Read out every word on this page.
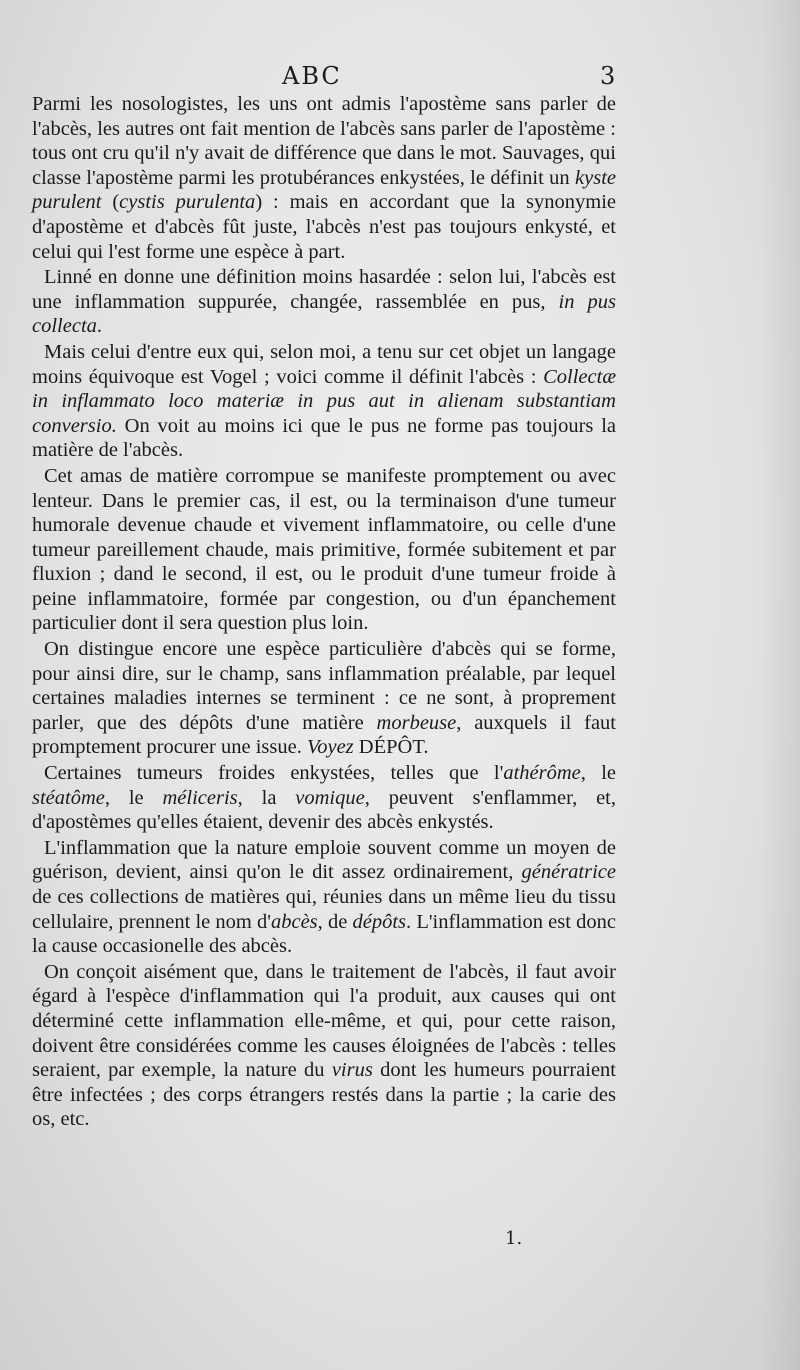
ABC	3

Parmi les nosologistes, les uns ont admis l'apostème sans parler de l'abcès, les autres ont fait mention de l'abcès sans parler de l'apostème : tous ont cru qu'il n'y avait de différence que dans le mot. Sauvages, qui classe l'apostème parmi les protubérances enkystées, le définit un kyste purulent (cystis purulenta) : mais en accordant que la synonymie d'apostème et d'abcès fût juste, l'abcès n'est pas toujours enkysté, et celui qui l'est forme une espèce à part.

Linné en donne une définition moins hasardée : selon lui, l'abcès est une inflammation suppurée, changée, rassemblée en pus, in pus collecta.

Mais celui d'entre eux qui, selon moi, a tenu sur cet objet un langage moins équivoque est Vogel ; voici comme il définit l'abcès : Collectæ in inflammato loco materiæ in pus aut in alienam substantiam conversio. On voit au moins ici que le pus ne forme pas toujours la matière de l'abcès.

Cet amas de matière corrompue se manifeste promptement ou avec lenteur. Dans le premier cas, il est, ou la terminaison d'une tumeur humorale devenue chaude et vivement inflammatoire, ou celle d'une tumeur pareillement chaude, mais primitive, formée subitement et par fluxion ; dand le second, il est, ou le produit d'une tumeur froide à peine inflammatoire, formée par congestion, ou d'un épanchement particulier dont il sera question plus loin.

On distingue encore une espèce particulière d'abcès qui se forme, pour ainsi dire, sur le champ, sans inflammation préalable, par lequel certaines maladies internes se terminent : ce ne sont, à proprement parler, que des dépôts d'une matière morbeuse, auxquels il faut promptement procurer une issue. Voyez DÉPÔT.

Certaines tumeurs froides enkystées, telles que l'athérôme, le stéatôme, le méliceris, la vomique, peuvent s'enflammer, et, d'apostèmes qu'elles étaient, devenir des abcès enkystés.

L'inflammation que la nature emploie souvent comme un moyen de guérison, devient, ainsi qu'on le dit assez ordinairement, génératrice de ces collections de matières qui, réunies dans un même lieu du tissu cellulaire, prennent le nom d'abcès, de dépôts. L'inflammation est donc la cause occasionelle des abcès.

On conçoit aisément que, dans le traitement de l'abcès, il faut avoir égard à l'espèce d'inflammation qui l'a produit, aux causes qui ont déterminé cette inflammation elle-même, et qui, pour cette raison, doivent être considérées comme les causes éloignées de l'abcès : telles seraient, par exemple, la nature du virus dont les humeurs pourraient être infectées ; des corps étrangers restés dans la partie ; la carie des os, etc.

1.
